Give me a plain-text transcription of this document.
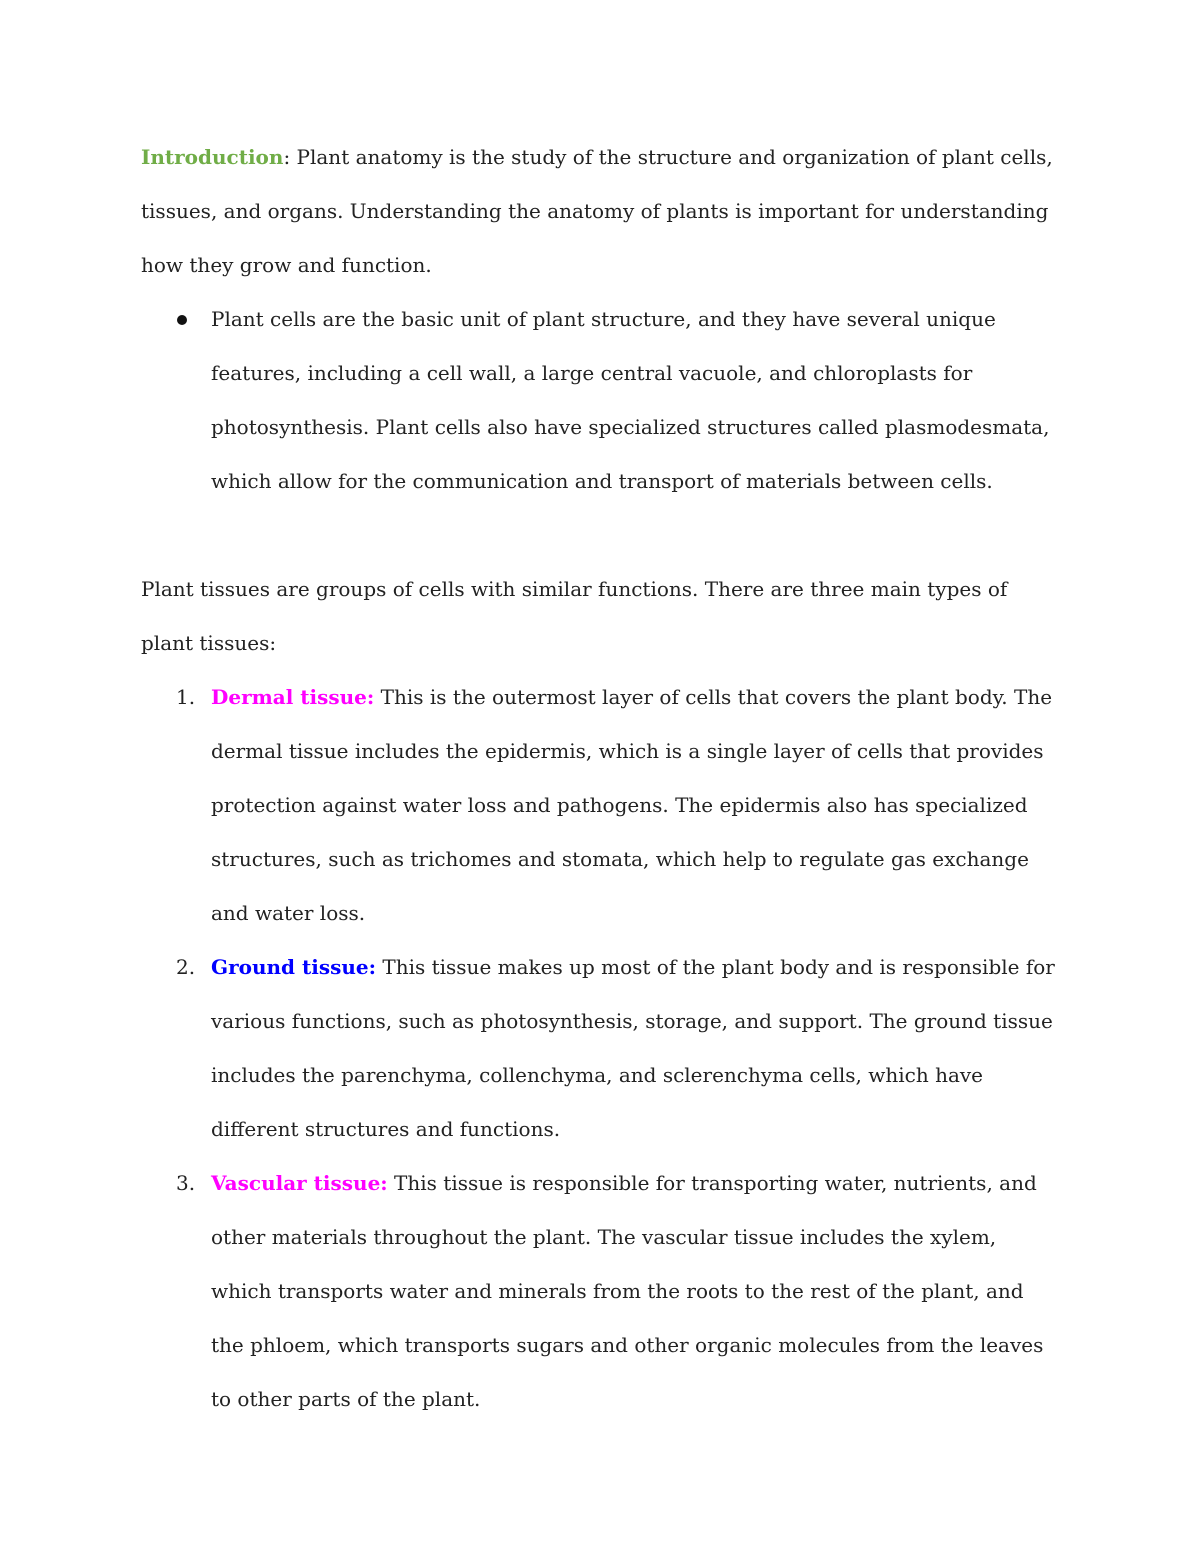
Introduction: Plant anatomy is the study of the structure and organization of plant cells, tissues, and organs. Understanding the anatomy of plants is important for understanding how they grow and function.

Plant cells are the basic unit of plant structure, and they have several unique features, including a cell wall, a large central vacuole, and chloroplasts for photosynthesis. Plant cells also have specialized structures called plasmodesmata, which allow for the communication and transport of materials between cells.

Plant tissues are groups of cells with similar functions. There are three main types of plant tissues:

1. Dermal tissue: This is the outermost layer of cells that covers the plant body. The dermal tissue includes the epidermis, which is a single layer of cells that provides protection against water loss and pathogens. The epidermis also has specialized structures, such as trichomes and stomata, which help to regulate gas exchange and water loss.
2. Ground tissue: This tissue makes up most of the plant body and is responsible for various functions, such as photosynthesis, storage, and support. The ground tissue includes the parenchyma, collenchyma, and sclerenchyma cells, which have different structures and functions.
3. Vascular tissue: This tissue is responsible for transporting water, nutrients, and other materials throughout the plant. The vascular tissue includes the xylem, which transports water and minerals from the roots to the rest of the plant, and the phloem, which transports sugars and other organic molecules from the leaves to other parts of the plant.
